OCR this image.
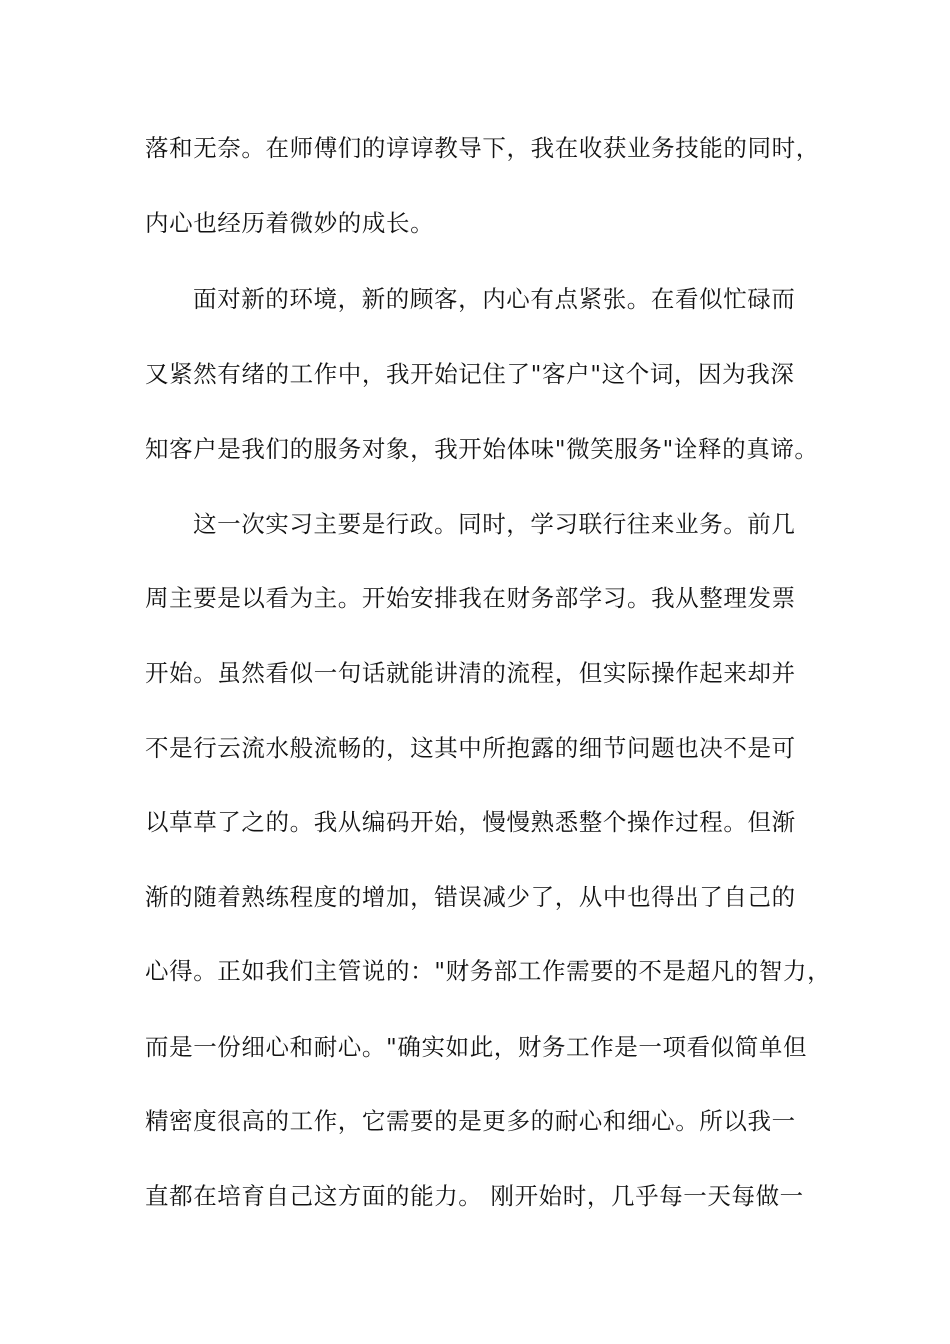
落和无奈。在师傅们的谆谆教导下，我在收获业务技能的同时，
内心也经历着微妙的成长。
面对新的环境，新的顾客，内心有点紧张。在看似忙碌而
又紧然有绪的工作中，我开始记住了"客户"这个词，因为我深
知客户是我们的服务对象，我开始体味"微笑服务"诠释的真谛。
这一次实习主要是行政。同时，学习联行往来业务。前几
周主要是以看为主。开始安排我在财务部学习。我从整理发票
开始。虽然看似一句话就能讲清的流程，但实际操作起来却并
不是行云流水般流畅的，这其中所抱露的细节问题也决不是可
以草草了之的。我从编码开始，慢慢熟悉整个操作过程。但渐
渐的随着熟练程度的增加，错误减少了，从中也得出了自己的
心得。正如我们主管说的："财务部工作需要的不是超凡的智力，
而是一份细心和耐心。"确实如此，财务工作是一项看似简单但
精密度很高的工作，它需要的是更多的耐心和细心。所以我一
直都在培育自己这方面的能力。 刚开始时，几乎每一天每做一
